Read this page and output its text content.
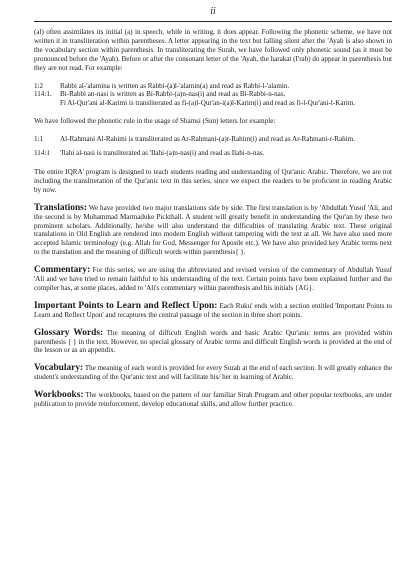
ii

(al) often assimilates its initial (a) in speech, while in writing, it does appear. Following the phonetic scheme, we have not written it in transliteration within parentheses. A letter appearing in the text but falling silent after the 'Ayah is also shown in the vocabulary section within parenthesis. In transliterating the Surah, we have followed only phonetic sound (as it must be pronounced before the 'Ayah). Before or after the consonant letter of the 'Ayah, the harakat (I'rab) do appear in parenthesis but they are not read. For example:

1:2	Rabbi al-'alamina is written as Rabbi-(a)l-'alamin(a) and read as Rabbi-l-'alamin.
114:1.	Bi-Rabbi an-nasi is written as Bi-Rabbi-(a)n-nas(i) and read as Bi-Rabbi-n-nas.
Fi Al-Qur'ani al-Karimi is transliterated as fi-(a)l-Qur'an-i(a)l-Karim(i) and read as fi-l-Qur'ani-l-Karim.

We have followed the phonetic rule in the usage of Shamsi (Sun) letters for example:

1:1	Al-Rahmani Al-Rahimi is transliterated as Ar-Rahmani-(a)r-Rahim(i) and read as Ar-Rahmani-r-Rahim.
114:1	'Ilahi al-nasi is transliterated as 'Ilahi-(a)n-nas(i) and read as Ilahi-n-nas.

The entire IQRA' program is designed to teach students reading and understanding of Qur'anic Arabic. Therefore, we are not including the transliteration of the Qur'anic text in this series, since we expect the readers to be proficient in reading Arabic by now.

Translations: We have provided two major translations side by side. The first translation is by 'Abdullah Yusuf 'Ali, and the second is by Muhammad Marmaduke Pickthall. A student will greatly benefit in understanding the Qur'an by these two prominent scholars. Additionally, he/she will also understand the difficulties of translating Arabic text. These original translations in Old English are rendered into modern English without tampering with the text at all. We have also used more accepted Islamic terminology (e.g. Allah for God, Messenger for Apostle etc.). We have also provided key Arabic terms next to the translation and the meaning of difficult words within parenthesis{ }.

Commentary: For this series, we are using the abbreviated and revised version of the commentary of Abdullah Yusuf 'Ali and we have tried to remain faithful to his understanding of the text. Certain points have been explained further and the compiler has, at some places, added to 'Ali's commentary within parenthesis and his initials {AG}.

Important Points to Learn and Reflect Upon: Each Ruku' ends with a section entitled 'Important Points to Learn and Reflect Upon' and recaptures the central passage of the section in three short points.

Glossary Words: The meaning of difficult English words and basic Arabic Qur'anic terms are provided within parenthesis { } in the text. However, no special glossary of Arabic terms and difficult English words is provided at the end of the lesson or as an appendix.

Vocabulary: The meaning of each word is provided for every Surah at the end of each section. It will greatly enhance the student's understanding of the Qur'anic text and will facilitate his/ her in learning of Arabic.

Workbooks: The workbooks, based on the pattern of our familiar Sirah Program and other popular textbooks, are under publication to provide reinforcement, develop educational skills, and allow further practice.
